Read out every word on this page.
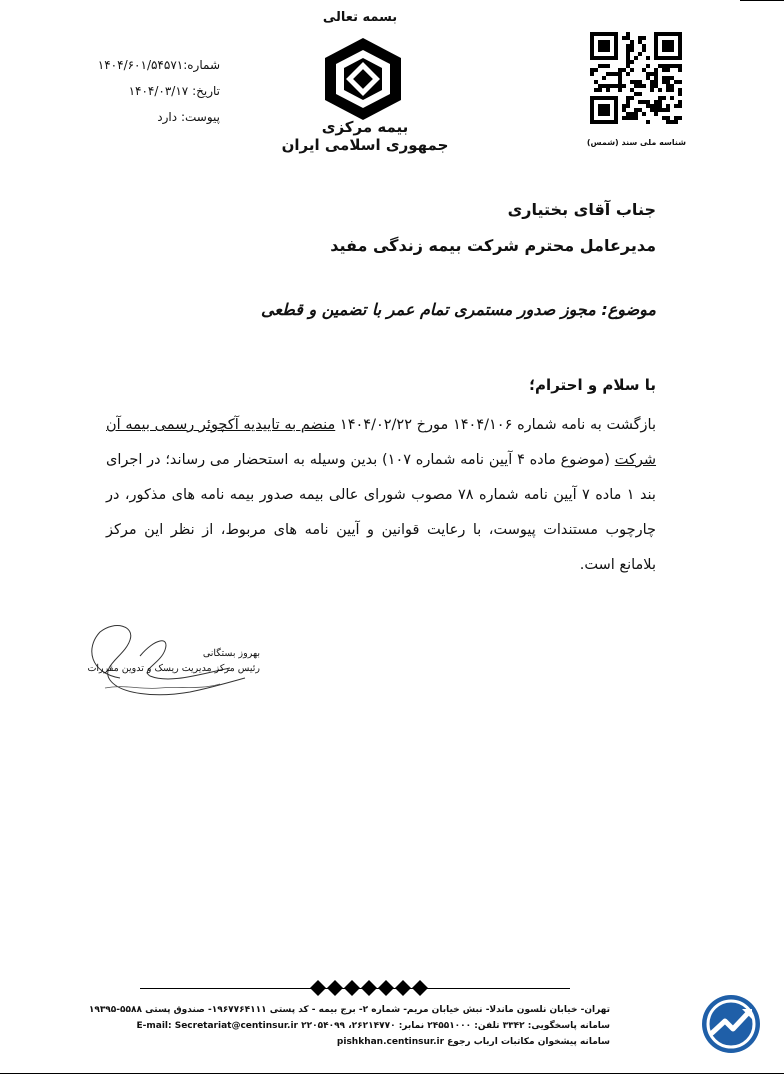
بسمه تعالی
بیمه مرکزی
جمهوری اسلامی ایران
شماره:۱۴۰۴/۶۰۱/۵۴۵۷۱
تاریخ: ۱۴۰۴/۰۳/۱۷
پیوست: دارد
شناسه ملی سند (شمس)
جناب آقای بختیاری
مدیرعامل محترم شرکت بیمه زندگی مفید
موضوع: مجوز صدور مستمری تمام عمر با تضمین و قطعی
با سلام و احترام؛
بازگشت به نامه شماره ۱۴۰۴/۱۰۶ مورخ ۱۴۰۴/۰۲/۲۲ منضم به تاییدیه آکچوئر رسمی بیمه آن شرکت (موضوع ماده ۴ آیین نامه شماره ۱۰۷) بدین وسیله به استحضار می رساند؛ در اجرای بند ۱ ماده ۷ آیین نامه شماره ۷۸ مصوب شورای عالی بیمه صدور بیمه نامه های مذکور، در چارچوب مستندات پیوست، با رعایت قوانین و آیین نامه های مربوط، از نظر این مرکز بلامانع است.
بهروز بستگانی
رئیس مرکز مدیریت ریسک و تدوین مقررات
تهران- خیابان نلسون ماندلا- نبش خیابان مریم- شماره ۲- برج بیمه - کد پستی ۱۹۶۷۷۶۴۱۱۱- صندوق پستی ۵۵۸۸-۱۹۳۹۵
سامانه پاسخگویی: ۳۳۴۲ تلفن: ۲۴۵۵۱۰۰۰ نمابر: ۲۶۲۱۴۷۷۰، ۲۲۰۵۴۰۹۹ E-mail: Secretariat@centinsur.ir
سامانه پیشخوان مکاتبات ارباب رجوع pishkhan.centinsur.ir
